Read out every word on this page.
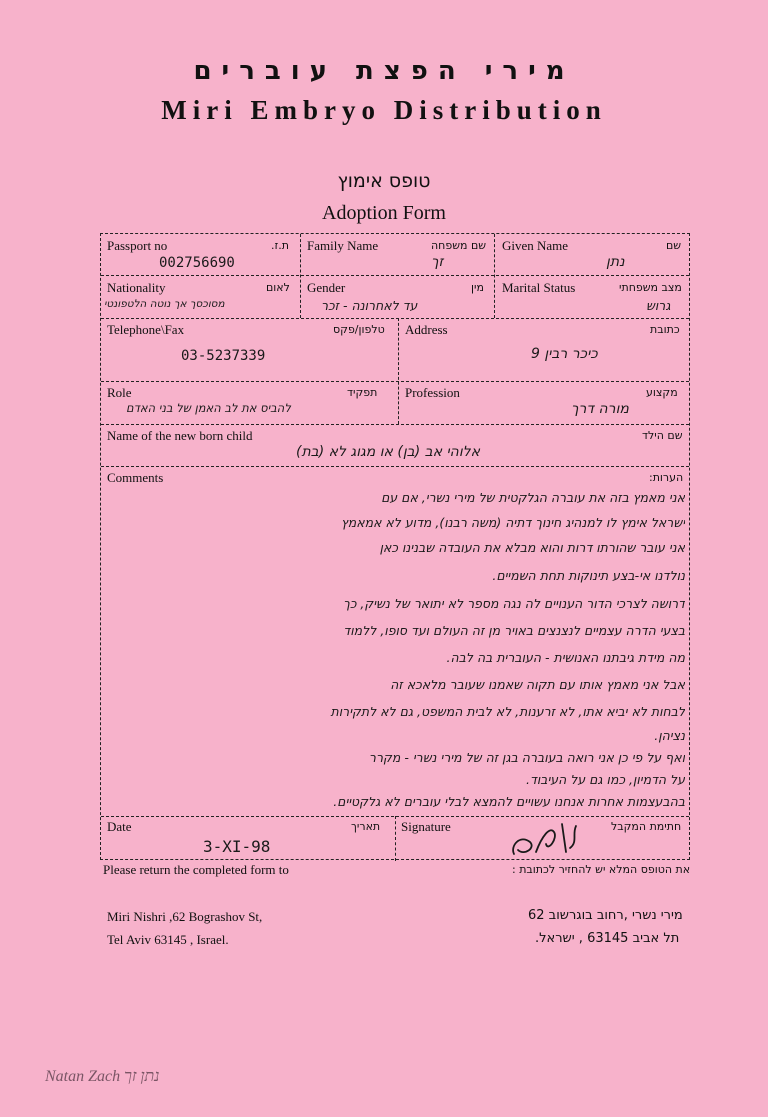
מירי הפצת עוברים
Miri Embryo Distribution
טופס אימוץ
Adoption Form
Passport no	ת.ז.
002756690
Family Name	שם משפחה
זך
Given Name	שם
נתן
Nationality	לאום
מסוכסך אך נוטה הלטפונטי
Gender	מין
עד לאחרונה - זכר
Marital Status	מצב משפחתי
גרוש
Telephone\Fax	טלפון/פקס
03-5237339
Address	כתובת
כיכר רבין 9
Role	תפקיד
להביס את לב האמן של בני האדם
Profession	מקצוע
מורה דרך
Name of the new born child	שם הילד
אלוהי אב (בן) או מגוג לא (בת)
Comments	הערות:
אני מאמץ בזה את עוברה הגלקטית של מירי נשרי, אם עם
ישראל אימץ לו למנהיג חינוך דתיה (משה רבנו), מדוע לא אמאמץ
אני עובר שהורתו דרות והוא מבלא את העובדה שבנינו כאן
נולדנו אי-בצע תינוקות תחת השמיים.
דרושה לצרכי הדור הענויים לה נגה מספר לא יתואר של נשיק, כך
בצעי הדרה עצמיים לנצנצים באויר מן זה העולם ועד סופו, ללמוד
מה מידת גיבתנו האנושית - העוברית בה לבה.
אבל אני מאמץ אותו עם תקוה שאמנו שעובר מלאכא זה
לבחות לא יביא אתו, לא זרענות, לא לבית המשפט, גם לא לתקירות
נציהן.
ואף על פי כן אני רואה בעוברה בגן זה של מירי נשרי - מקרר
על הדמיון, כמו גם על העיבוד.
בהבעצמות אחרות אנחנו עשויים להמצא לבלי עוברים לא גלקטיים.
Date	תאריך
3-XI-98
Signature	חתימת המקבל
Please return the completed form to	את הטופס המלא יש להחזיר לכתובת :
Miri Nishri ,62 Bograshov St,
Tel Aviv 63145 , Israel.
מירי נשרי ,רחוב בוגרשוב 62
תל אביב 63145 , ישראל.
Natan Zach נתן זך
